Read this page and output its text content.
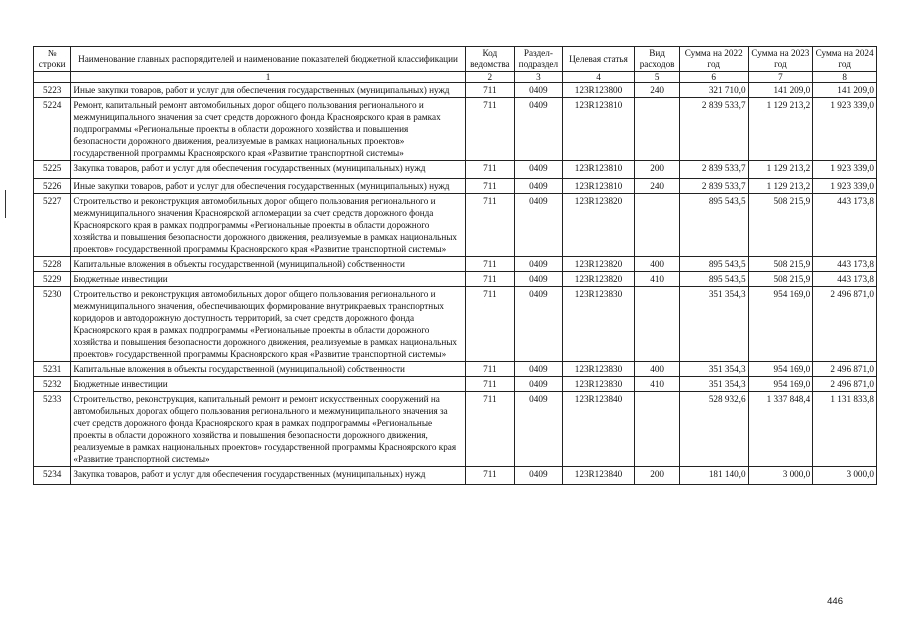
№ строки	Наименование главных распорядителей и наименование показателей бюджетной классификации	Код ведомства	Раздел-подраздел	Целевая статья	Вид расходов	Сумма на 2022 год	Сумма на 2023 год	Сумма на 2024 год
	1	2	3	4	5	6	7	8
5223	Иные закупки товаров, работ и услуг для обеспечения государственных (муниципальных) нужд	711	0409	123R123800	240	321 710,0	141 209,0	141 209,0
5224	Ремонт, капитальный ремонт автомобильных дорог общего пользования регионального и межмуниципального значения за счет средств дорожного фонда Красноярского края в рамках подпрограммы «Региональные проекты в области дорожного хозяйства и повышения безопасности дорожного движения, реализуемые в рамках национальных проектов» государственной программы Красноярского края «Развитие транспортной системы»	711	0409	123R123810		2 839 533,7	1 129 213,2	1 923 339,0
5225	Закупка товаров, работ и услуг для обеспечения государственных (муниципальных) нужд	711	0409	123R123810	200	2 839 533,7	1 129 213,2	1 923 339,0
5226	Иные закупки товаров, работ и услуг для обеспечения государственных (муниципальных) нужд	711	0409	123R123810	240	2 839 533,7	1 129 213,2	1 923 339,0
5227	Строительство и реконструкция автомобильных дорог общего пользования регионального и межмуниципального значения Красноярской агломерации за счет средств дорожного фонда Красноярского края в рамках подпрограммы «Региональные проекты в области дорожного хозяйства и повышения безопасности дорожного движения, реализуемые в рамках национальных проектов» государственной программы Красноярского края «Развитие транспортной системы»	711	0409	123R123820		895 543,5	508 215,9	443 173,8
5228	Капитальные вложения в объекты государственной (муниципальной) собственности	711	0409	123R123820	400	895 543,5	508 215,9	443 173,8
5229	Бюджетные инвестиции	711	0409	123R123820	410	895 543,5	508 215,9	443 173,8
5230	Строительство и реконструкция автомобильных дорог общего пользования регионального и межмуниципального значения, обеспечивающих формирование внутрикраевых транспортных коридоров и автодорожную доступность территорий, за счет средств дорожного фонда Красноярского края в рамках подпрограммы «Региональные проекты в области дорожного хозяйства и повышения безопасности дорожного движения, реализуемые в рамках национальных проектов» государственной программы Красноярского края «Развитие транспортной системы»	711	0409	123R123830		351 354,3	954 169,0	2 496 871,0
5231	Капитальные вложения в объекты государственной (муниципальной) собственности	711	0409	123R123830	400	351 354,3	954 169,0	2 496 871,0
5232	Бюджетные инвестиции	711	0409	123R123830	410	351 354,3	954 169,0	2 496 871,0
5233	Строительство, реконструкция, капитальный ремонт и ремонт искусственных сооружений на автомобильных дорогах общего пользования регионального и межмуниципального значения за счет средств дорожного фонда Красноярского края в рамках подпрограммы «Региональные проекты в области дорожного хозяйства и повышения безопасности дорожного движения, реализуемые в рамках национальных проектов» государственной программы Красноярского края «Развитие транспортной системы»	711	0409	123R123840		528 932,6	1 337 848,4	1 131 833,8
5234	Закупка товаров, работ и услуг для обеспечения государственных (муниципальных) нужд	711	0409	123R123840	200	181 140,0	3 000,0	3 000,0
446
